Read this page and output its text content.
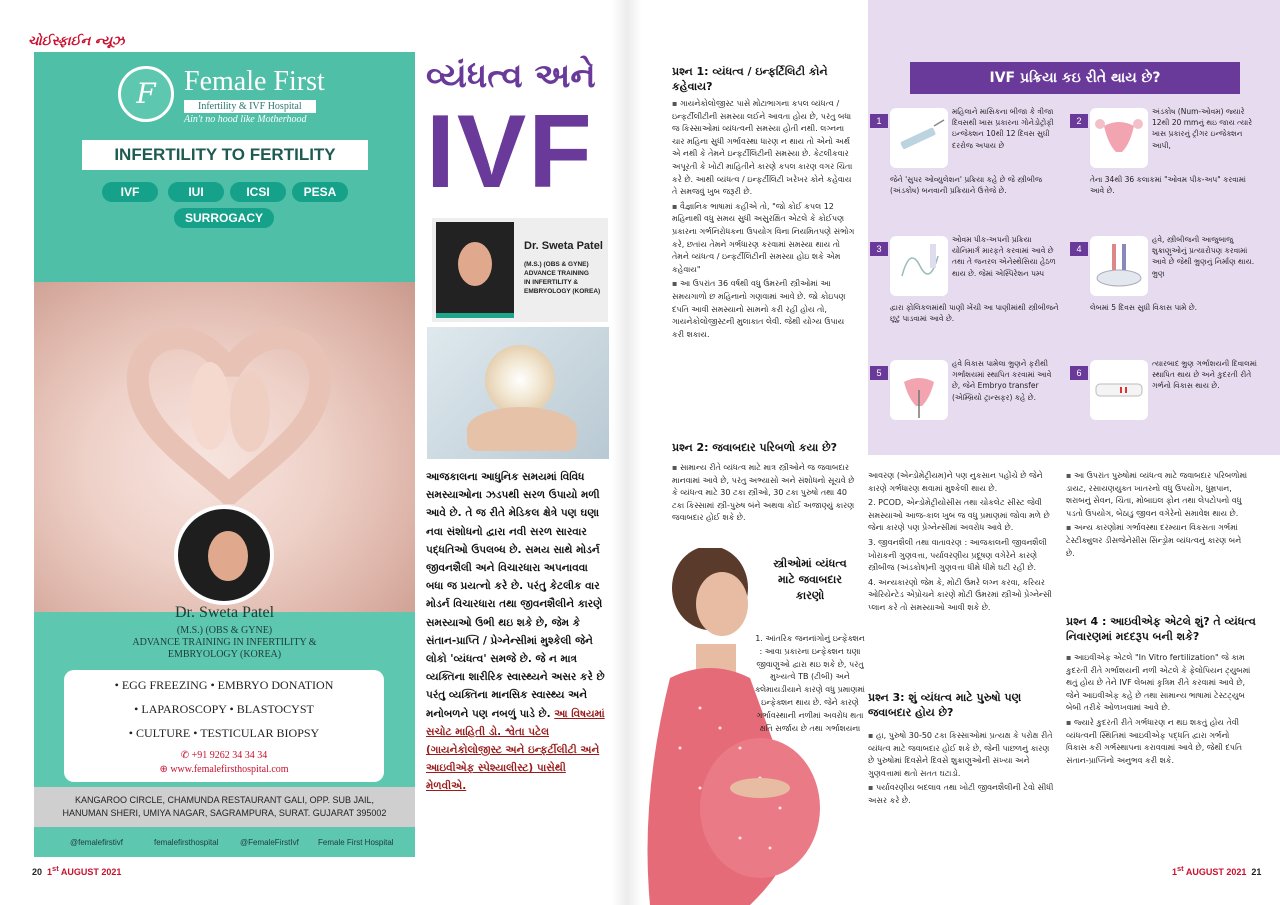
ચોઈસ્ફાઈન ન્યૂઝ
F	Female First
Infertility & IVF Hospital
Ain't no hood like Motherhood
INFERTILITY TO FERTILITY
IVF	IUI	ICSI	PESA
SURROGACY
Dr. Sweta Patel
(M.S.) (OBS & GYNE)
ADVANCE TRAINING IN INFERTILITY &
EMBRYOLOGY (KOREA)
• EGG FREEZING • EMBRYO DONATION
• LAPAROSCOPY • BLASTOCYST
• CULTURE • TESTICULAR BIOPSY
✆ +91 9262 34 34 34
⊕ www.femalefirsthospital.com
KANGAROO CIRCLE, CHAMUNDA RESTAURANT GALI, OPP. SUB JAIL,
HANUMAN SHERI, UMIYA NAGAR, SAGRAMPURA, SURAT. GUJARAT 395002
@femalefirstivf	femalefirsthospital	@FemaleFirstIvf Female First Hospital
વ્યંધત્વ અને
IVF
Dr. Sweta Patel
(M.S.) (OBS & GYNE)
ADVANCE TRAINING
IN INFERTILITY &
EMBRYOLOGY (KOREA)
આજકાલના આધુનિક સમયમાં વિવિધ સમસ્યાઓના ઝડપથી સરળ ઉપાયો મળી આવે છે. તે જ રીતે મેડિકલ ક્ષેત્રે પણ ઘણા નવા સંશોધનો દ્વારા નવી સરળ સારવાર પદ્ધતિઓ ઉપલબ્ધ છે. સમય સાથે મોડર્ન જીવનશૈલી અને વિચારધારા અપનાવવા બધા જ પ્રયત્નો કરે છે. પરંતુ કેટલીક વાર મોડર્ન વિચારધારા તથા જીવનશૈલીને કારણે સમસ્યાઓ ઉભી થઇ શકે છે, જેમ કે સંતાન-પ્રાપ્તિ / પ્રેગ્નેન્સીમાં મુશ્કેલી જેને લોકો 'વ્યંધત્વ' સમજે છે. જે ન માત્ર વ્યક્તિના શારીરિક સ્વાસ્થ્યને અસર કરે છે પરંતુ વ્યક્તિના માનસિક સ્વાસ્થ્ય અને મનોબળને પણ નબળું પાડે છે. આ વિષયમાં સચોટ માહિતી ડો. શ્વેતા પટેલ (ગાયનેકોલોજીસ્ટ અને ઇન્ફર્ટીલીટી અને આઇવીએફ સ્પેશ્યાલીસ્ટ) પાસેથી મેળવીએ.
20 1st AUGUST 2021
પ્રશ્ન 1: વ્યંધત્વ / ઇન્ફર્ટિલિટી કોને કહેવાય?

▪ ગાયનેકોલોજીસ્ટ પાસે મોટાભાગના કપલ વ્યંધત્વ / ઇન્ફર્ટીલીટીની સમસ્યા લઈને આવતા હોય છે, પરંતુ બધા જ કિસ્સાઓમાં વ્યંધત્વની સમસ્યા હોતી નથી. લગ્નના ચાર મહિના સુધી ગર્ભાવસ્થા ધારણ ન થાય તો એનો અર્થ એ નથી કે તેમને ઇન્ફર્ટીલિટીની સમસ્યા છે. કેટલીકવાર અપૂરતી કે ખોટી માહિતીને કારણે કપલ કારણ વગર ચિંતા કરે છે. આથી વ્યંધત્વ / ઇન્ફર્ટીલિટી ખરેખર કોને કહેવાય તે સમજવું ખુબ જરૂરી છે.

▪ વૈજ્ઞાનિક ભાષામાં કહીએ તો, "જો કોઈ કપલ 12 મહિનાથી વધુ સમય સુધી અસુરક્ષિત એટલે કે કોઈપણ પ્રકારના ગર્ભનિરોધકના ઉપયોગ વિના નિયમિતપણે સંભોગ કરે, છતાંય તેમને ગર્ભધારણ કરવામાં સમસ્યા થાય તો તેમને વ્યંધત્વ / ઇન્ફર્ટીલિટીની સમસ્યા હોઇ શકે એમ કહેવાય"

▪ આ ઉપરાંત 36 વર્ષથી વધુ ઉંમરની સ્ત્રીઓમાં આ સમયગાળો છ મહિનાનો ગણવામાં આવે છે. જો કોઇપણ દંપતિ આવી સમસ્યાનો સામનો કરી રહી હોય તો, ગાયનેકોલોજીસ્ટની મુલાકાત લેવી. જેથી યોગ્ય ઉપાય કરી શકાય.

પ્રશ્ન 2: જવાબદાર પરિબળો કયા છે?

▪ સામાન્ય રીતે વ્યંધત્વ માટે માત્ર સ્ત્રીઓને જ જવાબદાર માનવામાં આવે છે, પરંતુ અભ્યાસો અને સંશોધનો સૂચવે છે કે વ્યંધત્વ માટે 30 ટકા સ્ત્રીઓ, 30 ટકા પુરુષો તથા 40 ટકા કિસ્સામાં સ્ત્રી-પુરુષ બંને અથવા કોઈ અજાણ્યું કારણ જવાબદાર હોઈ શકે છે.

સ્ત્રીઓમાં વ્યંધત્વ માટે જવાબદાર કારણો
1. આંતરિક જનનાંગોનું ઇન્ફેક્શન : આવા પ્રકારના ઇન્ફેક્શન ઘણા જીવાણુઓ દ્વારા થઇ શકે છે, પરંતુ મુખ્યત્વે TB (ટીબી) અને ક્લેમાયડીયાને કારણે વધુ પ્રમાણમાં ઇન્ફેક્શન થાય છે. જેને કારણે ગર્ભાવસ્થાની નળીમાં અવરોધ થતા ક્ષતિ સર્જાય છે તથા ગર્ભાશયના

આવરણ (એન્ડોમેટ્રીયમ)ને પણ નુકસાન પહોંચે છે જેને કારણે ગર્ભધારણ થવામાં મુશ્કેલી થાય છે.

2. PCOD, એન્ડોમેટ્રીયોસીસ તથા ચોકલેટ સીસ્ટ જેવી સમસ્યાઓ આજ-કાલ ખુબ જ વધુ પ્રમાણમાં જોવા મળે છે જેના કારણે પણ પ્રેગ્નેન્સીમાં અવરોધ આવે છે.

3. જીવનશૈલી તથા વાતાવરણ : આજકાલની જીવનશૈલી ખોરાકની ગુણવત્તા, પર્યાવરણીય પ્રદૂષણ વગેરેને કારણે સ્ત્રીબીજ (અંડકોષ)ની ગુણવત્તા ધીમે ધીમે ઘટી રહી છે.

4. અન્યકારણો જેમ કે, મોટી ઉંમરે લગ્ન કરવા, કરિયર ઓરિયેન્ટેડ એપ્રોચને કારણે મોટી ઉંમરમાં સ્ત્રીઓ પ્રેગ્નેન્સી પ્લાન કરે તો સમસ્યાઓ આવી શકે છે.

પ્રશ્ન 3: શું વ્યંધત્વ માટે પુરુષો પણ જવાબદાર હોય છે?

▪ હા, પુરુષો 30-50 ટકા કિસ્સાઓમાં પ્રત્યક્ષ કે પરોક્ષ રીતે વ્યંધત્વ માટે જવાબદાર હોઈ શકે છે, જેની પાછળનું કારણ છે પુરુષોમાં દિવસેને દિવસે શુક્રાણુઓની સંખ્યા અને ગુણવત્તામાં થતો સતત ઘટાડો.

▪ પર્યાવરણીય બદલાવ તથા ખોટી જીવનશૈલીની ટેવો સીધી અસર કરે છે.

▪ આ ઉપરાંત પુરુષોમાં વ્યંધત્વ માટે જવાબદાર પરિબળોમાં ડાયટ, રસાયણયુક્ત ખાતરનો વધુ ઉપયોગ, ધુમ્રપાન, શરાબનું સેવન, ચિંતા, મોબાઇલ ફોન તથા લેપટોપનો વધુ પડતો ઉપયોગ, બેઠાડુ જીવન વગેરેનો સમાવેશ થાય છે.

▪ અન્ય કારણોમાં ગર્ભાવસ્થા દરમ્યાન વિકસતા ગર્ભમાં ટેસ્ટીક્યુલર ડીસજેનેસીસ સિન્ડ્રોમ વ્યંધત્વનું કારણ બને છે.

પ્રશ્ન 4 : આઇવીએફ એટલે શું? તે વ્યંધત્વ નિવારણમાં મદદરૂપ બની શકે?

▪ આઇવીએફ એટલે "In Vitro fertilization" જે કામ કુદરતી રીતે ગર્ભાશયની નળી એટલે કે ફેલોપિયન ટ્યુબમાં થતું હોય છે તેને IVF લેબમાં કૃત્રિમ રીતે કરવામાં આવે છે, જેને આઇવીએફ કહે છે તથા સામાન્ય ભાષામાં ટેસ્ટટ્યુબ બેબી તરીકે ઓળખવામાં આવે છે.

▪ જ્યારે કુદરતી રીતે ગર્ભધારણ ન થઇ શકતું હોય તેવી વ્યંધત્વની સ્થિતિમાં આઇવીએફ પદ્ધતિ દ્વારા ગર્ભનો વિકાસ કરી ગર્ભસ્થાપના કરાવવામાં આવે છે, જેથી દંપતિ સંતાન-પ્રાપ્તિનો અનુભવ કરી શકે.

IVF પ્રક્રિયા કઇ રીતે થાય છે?
1
મહિલાને માસિકના બીજા કે ત્રીજા દિવસથી ખાસ પ્રકારના ગોનેડોટ્રોફી ઇન્જેક્શન 10થી 12 દિવસ સુધી દરરોજ અપાય છે
જેને 'સુપર ઓવ્યુલેશન' પ્રક્રિયા કહે છે જે સ્ત્રીબીજ (અંડકોષ) બનવાની પ્રક્રિયાને ઉત્તેજે છે.
2
અંડકોષ (Num-ઓવમ) જ્યારે 12થી 20 mmનું થઇ જાય ત્યારે ખાસ પ્રકારનું ટ્રીગર ઇન્જેક્શન આપી,
તેના 34થી 36 કલાકમાં "ઓવમ પીક-અપ" કરવામાં આવે છે.
3
ઓવમ પીક-અપની પ્રક્રિયા યોનિમાર્ગ મારફતે કરવામાં આવે છે તથા તે જનરલ એનેસ્થેસિયા હેઠળ થાય છે. જેમાં એસ્પિરેશન પમ્પ
દ્વારા ફોલિકલમાંથી પાણી ખેંચી આ પાણીમાંથી સ્ત્રીબીજને છૂટું પાડવામાં આવે છે.
4
હવે, સ્ત્રીબીજની આજુબાજુ શુક્રાણુઓનું પ્રત્યારોપણ કરવામાં આવે છે જેથી ભ્રુણનું નિર્માણ થાય. ભ્રુણ
લેબમાં 5 દિવસ સુધી વિકાસ પામે છે.
5
હવે વિકાસ પામેલા ભ્રુણને ફરીથી ગર્ભાશયમાં સ્થાપિત કરવામાં આવે છે, જેને Embryo transfer (એમ્બ્રિયો ટ્રાન્સફર) કહે છે.
6
ત્યારબાદ ભ્રુણ ગર્ભાશયની દિવાલમાં સ્થાપિત થાય છે અને કુદરતી રીતે ગર્ભનો વિકાસ થાય છે.
1st AUGUST 2021 21
